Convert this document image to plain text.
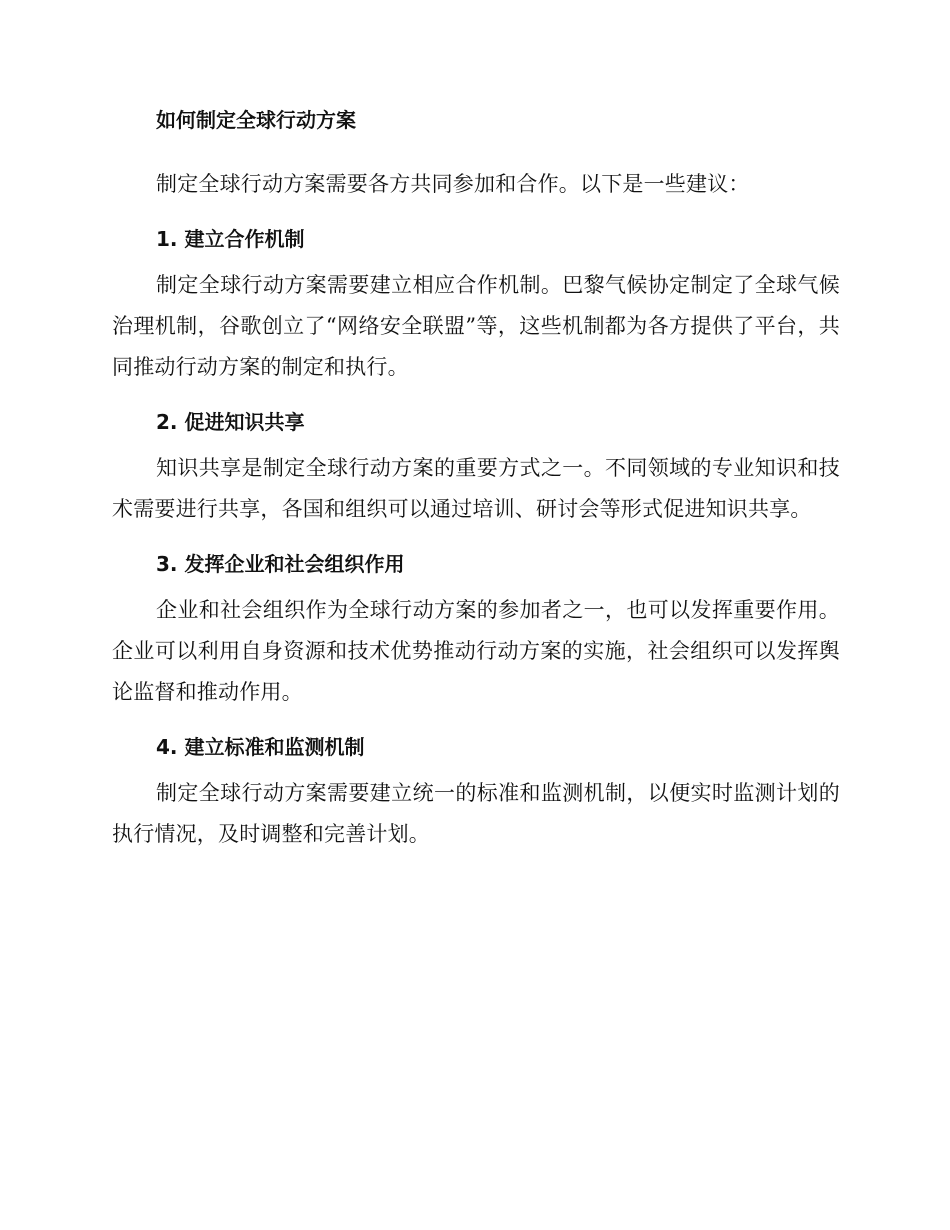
如何制定全球行动方案

制定全球行动方案需要各方共同参加和合作。以下是一些建议：

1. 建立合作机制

制定全球行动方案需要建立相应合作机制。巴黎气候协定制定了全球气候治理机制，谷歌创立了“网络安全联盟”等，这些机制都为各方提供了平台，共同推动行动方案的制定和执行。

2. 促进知识共享

知识共享是制定全球行动方案的重要方式之一。不同领域的专业知识和技术需要进行共享，各国和组织可以通过培训、研讨会等形式促进知识共享。

3. 发挥企业和社会组织作用

企业和社会组织作为全球行动方案的参加者之一，也可以发挥重要作用。企业可以利用自身资源和技术优势推动行动方案的实施，社会组织可以发挥舆论监督和推动作用。

4. 建立标准和监测机制

制定全球行动方案需要建立统一的标准和监测机制，以便实时监测计划的执行情况，及时调整和完善计划。
